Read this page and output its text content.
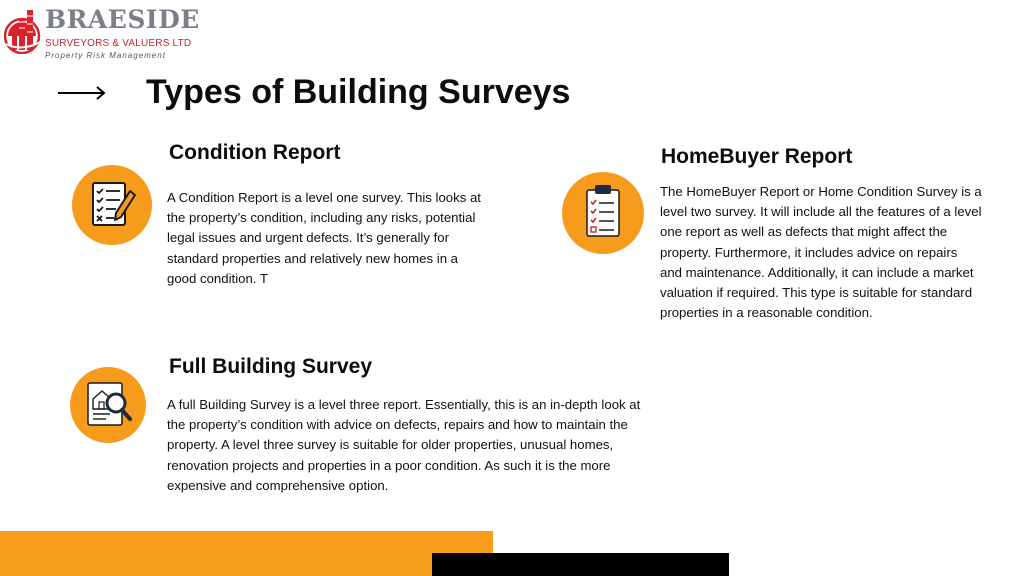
BRAESIDE
SURVEYORS & VALUERS LTD
Property Risk Management
Types of Building Surveys
Condition Report

A Condition Report is a level one survey. This looks at the property’s condition, including any risks, potential legal issues and urgent defects. It’s generally for standard properties and relatively new homes in a good condition. T

HomeBuyer Report

The HomeBuyer Report or Home Condition Survey is a level two survey. It will include all the features of a level one report as well as defects that might affect the property. Furthermore, it includes advice on repairs and maintenance. Additionally, it can include a market valuation if required. This type is suitable for standard properties in a reasonable condition.

Full Building Survey

A full Building Survey is a level three report. Essentially, this is an in-depth look at the property’s condition with advice on defects, repairs and how to maintain the property. A level three survey is suitable for older properties, unusual homes, renovation projects and properties in a poor condition. As such it is the more expensive and comprehensive option.
